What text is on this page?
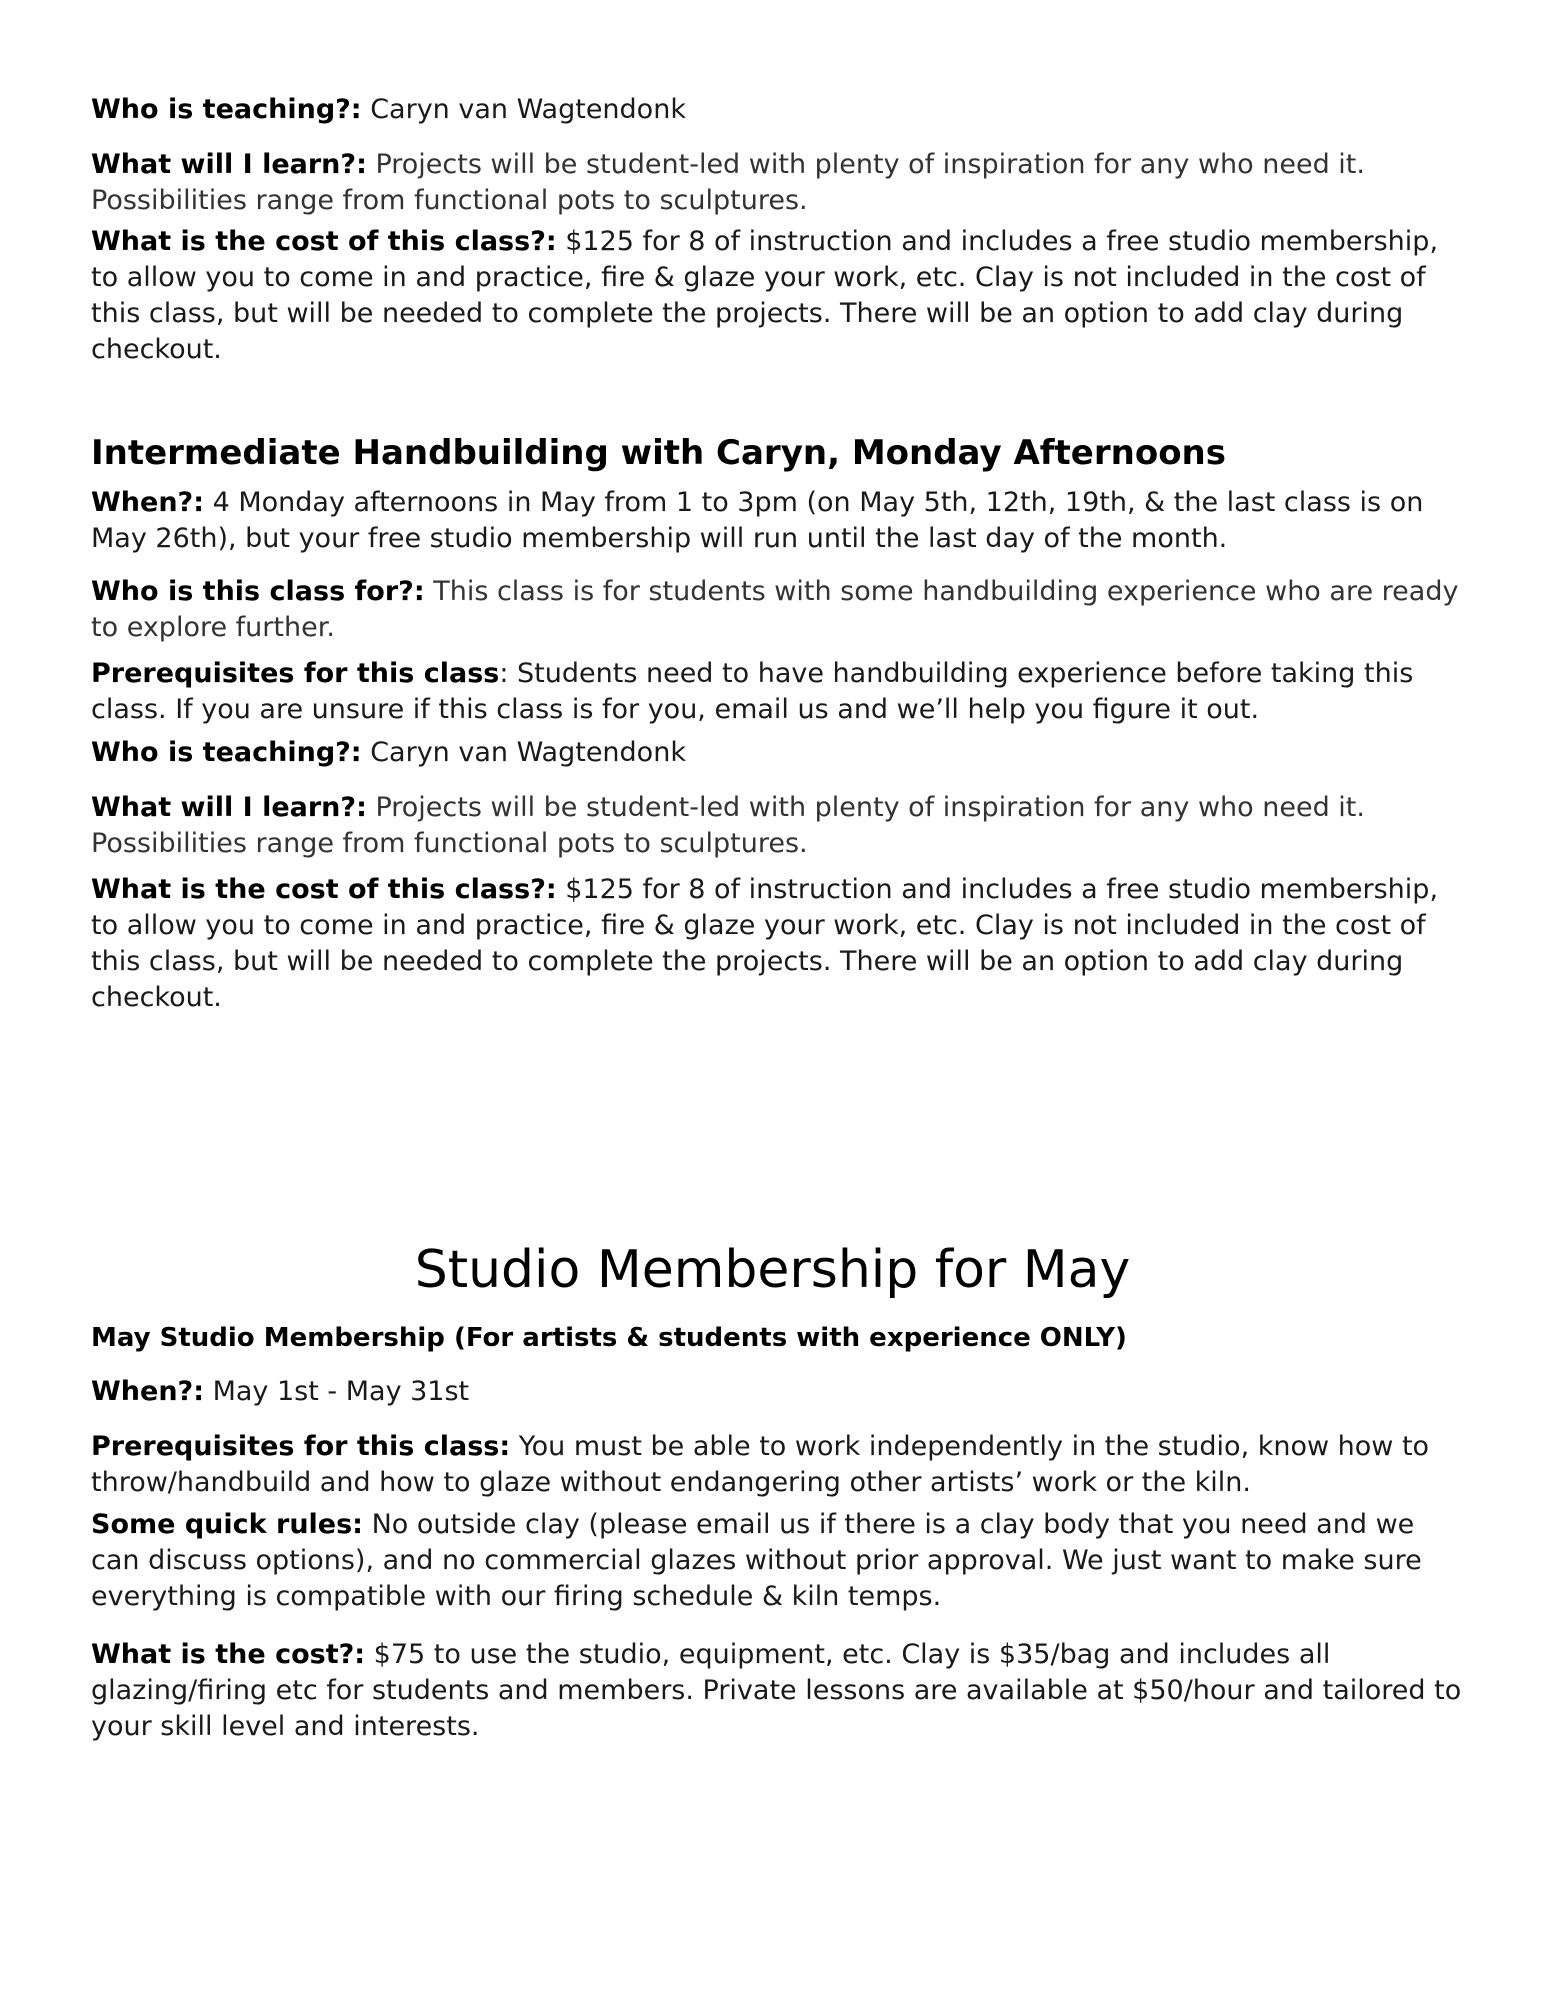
Who is teaching?: Caryn van Wagtendonk
What will I learn?: Projects will be student-led with plenty of inspiration for any who need it. Possibilities range from functional pots to sculptures.
What is the cost of this class?: $125 for 8 of instruction and includes a free studio membership, to allow you to come in and practice, fire & glaze your work, etc. Clay is not included in the cost of this class, but will be needed to complete the projects. There will be an option to add clay during checkout.
Intermediate Handbuilding with Caryn, Monday Afternoons
When?: 4 Monday afternoons in May from 1 to 3pm (on May 5th, 12th, 19th, & the last class is on May 26th), but your free studio membership will run until the last day of the month.
Who is this class for?: This class is for students with some handbuilding experience who are ready to explore further.
Prerequisites for this class: Students need to have handbuilding experience before taking this class. If you are unsure if this class is for you, email us and we’ll help you figure it out.
Who is teaching?: Caryn van Wagtendonk
What will I learn?: Projects will be student-led with plenty of inspiration for any who need it. Possibilities range from functional pots to sculptures.
What is the cost of this class?: $125 for 8 of instruction and includes a free studio membership, to allow you to come in and practice, fire & glaze your work, etc. Clay is not included in the cost of this class, but will be needed to complete the projects. There will be an option to add clay during checkout.
Studio Membership for May
May Studio Membership (For artists & students with experience ONLY)
When?: May 1st - May 31st
Prerequisites for this class: You must be able to work independently in the studio, know how to throw/handbuild and how to glaze without endangering other artists’ work or the kiln.
Some quick rules: No outside clay (please email us if there is a clay body that you need and we can discuss options), and no commercial glazes without prior approval. We just want to make sure everything is compatible with our firing schedule & kiln temps.
What is the cost?: $75 to use the studio, equipment, etc. Clay is $35/bag and includes all glazing/firing etc for students and members. Private lessons are available at $50/hour and tailored to your skill level and interests.
